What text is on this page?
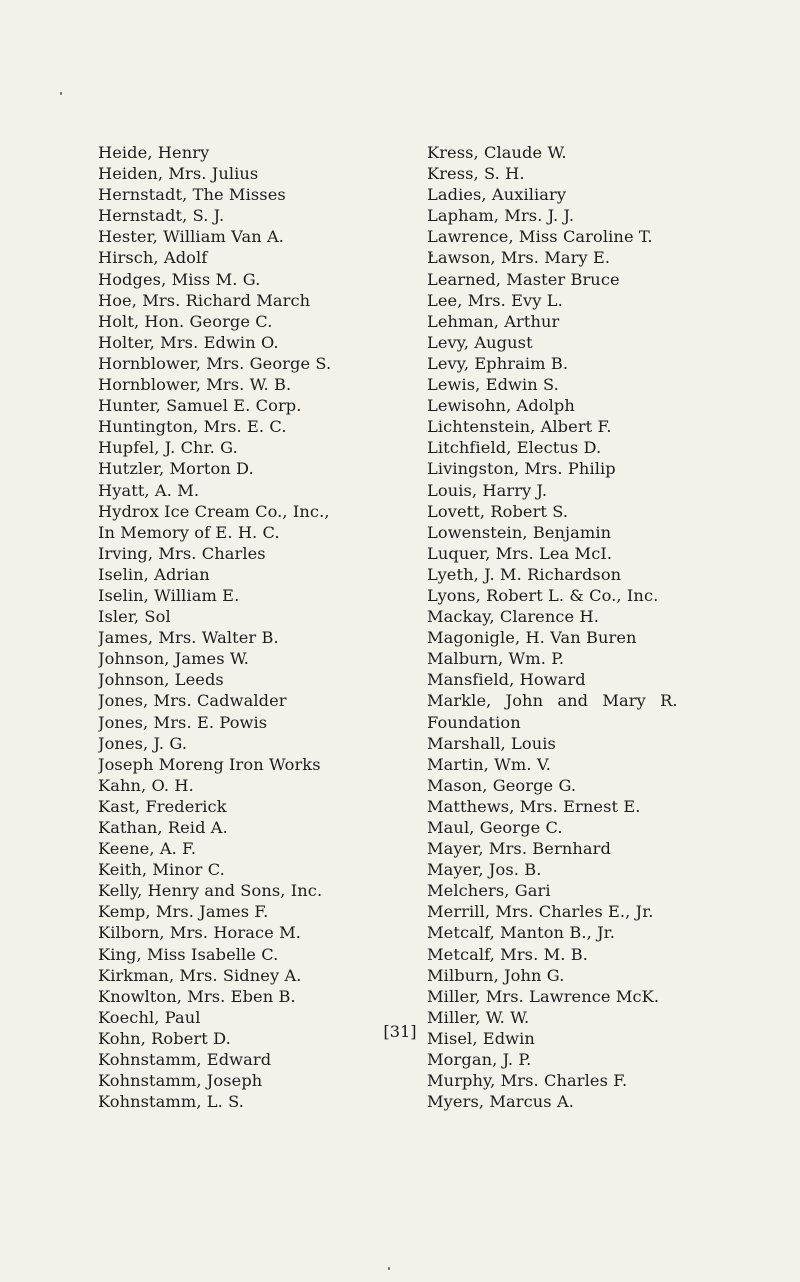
Heide, Henry
Heiden, Mrs. Julius
Hernstadt, The Misses
Hernstadt, S. J.
Hester, William Van A.
Hirsch, Adolf
Hodges, Miss M. G.
Hoe, Mrs. Richard March
Holt, Hon. George C.
Holter, Mrs. Edwin O.
Hornblower, Mrs. George S.
Hornblower, Mrs. W. B.
Hunter, Samuel E. Corp.
Huntington, Mrs. E. C.
Hupfel, J. Chr. G.
Hutzler, Morton D.
Hyatt, A. M.
Hydrox Ice Cream Co., Inc.,
In Memory of E. H. C.
Irving, Mrs. Charles
Iselin, Adrian
Iselin, William E.
Isler, Sol
James, Mrs. Walter B.
Johnson, James W.
Johnson, Leeds
Jones, Mrs. Cadwalder
Jones, Mrs. E. Powis
Jones, J. G.
Joseph Moreng Iron Works
Kahn, O. H.
Kast, Frederick
Kathan, Reid A.
Keene, A. F.
Keith, Minor C.
Kelly, Henry and Sons, Inc.
Kemp, Mrs. James F.
Kilborn, Mrs. Horace M.
King, Miss Isabelle C.
Kirkman, Mrs. Sidney A.
Knowlton, Mrs. Eben B.
Koechl, Paul
Kohn, Robert D.
Kohnstamm, Edward
Kohnstamm, Joseph
Kohnstamm, L. S.
Kress, Claude W.
Kress, S. H.
Ladies, Auxiliary
Lapham, Mrs. J. J.
Lawrence, Miss Caroline T.
Lawson, Mrs. Mary E.
Learned, Master Bruce
Lee, Mrs. Evy L.
Lehman, Arthur
Levy, August
Levy, Ephraim B.
Lewis, Edwin S.
Lewisohn, Adolph
Lichtenstein, Albert F.
Litchfield, Electus D.
Livingston, Mrs. Philip
Louis, Harry J.
Lovett, Robert S.
Lowenstein, Benjamin
Luquer, Mrs. Lea McI.
Lyeth, J. M. Richardson
Lyons, Robert L. & Co., Inc.
Mackay, Clarence H.
Magonigle, H. Van Buren
Malburn, Wm. P.
Mansfield, Howard
Markle, John and Mary R.
Foundation
Marshall, Louis
Martin, Wm. V.
Mason, George G.
Matthews, Mrs. Ernest E.
Maul, George C.
Mayer, Mrs. Bernhard
Mayer, Jos. B.
Melchers, Gari
Merrill, Mrs. Charles E., Jr.
Metcalf, Manton B., Jr.
Metcalf, Mrs. M. B.
Milburn, John G.
Miller, Mrs. Lawrence McK.
Miller, W. W.
Misel, Edwin
Morgan, J. P.
Murphy, Mrs. Charles F.
Myers, Marcus A.
[31]
